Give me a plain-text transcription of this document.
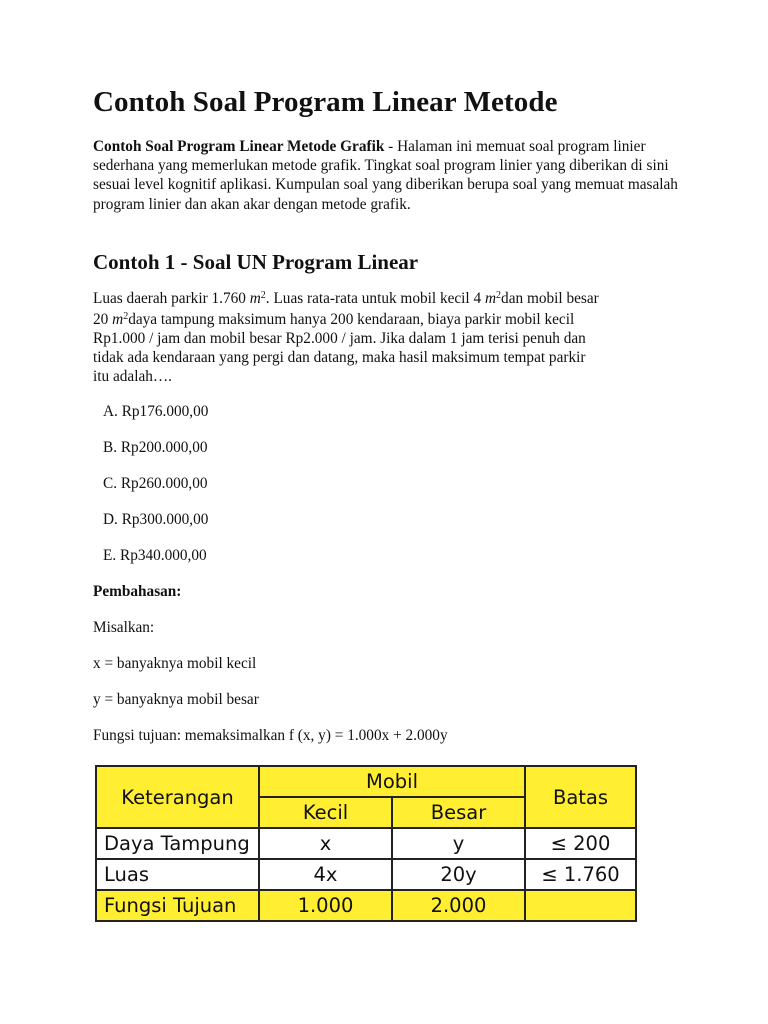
Contoh Soal Program Linear Metode

Contoh Soal Program Linear Metode Grafik - Halaman ini memuat soal program linier sederhana yang memerlukan metode grafik. Tingkat soal program linier yang diberikan di sini sesuai level kognitif aplikasi. Kumpulan soal yang diberikan berupa soal yang memuat masalah program linier dan akan akar dengan metode grafik.

Contoh 1 - Soal UN Program Linear
Luas daerah parkir 1.760 $m^2$. Luas rata-rata untuk mobil kecil 4 $m^2dan$ mobil besar
20 $m^2daya$ tampung maksimum hanya 200 kendaraan, biaya parkir mobil kecil
Rp1.000 / jam dan mobil besar Rp2.000 / jam. Jika dalam 1 jam terisi penuh dan
tidak ada kendaraan yang pergi dan datang, maka hasil maksimum tempat parkir
itu adalah….
A. Rp176.000,00
B. Rp200.000,00
C. Rp260.000,00
D. Rp300.000,00
E. Rp340.000,00
Pembahasan:
Misalkan:
x = banyaknya mobil kecil
y = banyaknya mobil besar
Fungsi tujuan: memaksimalkan f (x, y) = 1.000x + 2.000y
Keterangan	Mobil		Batas
	Kecil	Besar	
Daya Tampung	x	y	≤ 200
Luas	4x	20y	≤ 1.760
Fungsi Tujuan	1.000	2.000	
